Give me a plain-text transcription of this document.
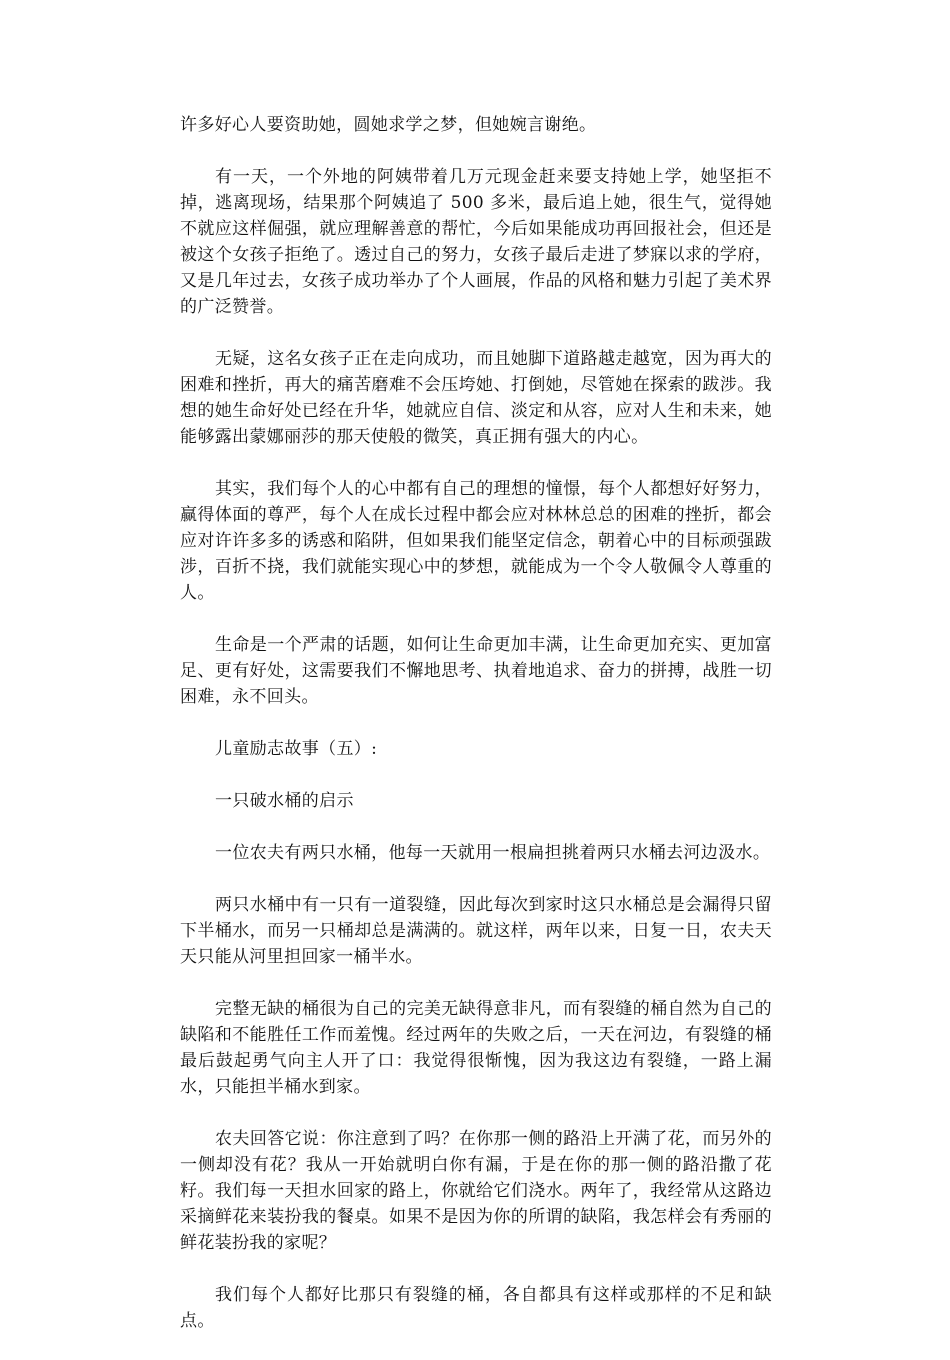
许多好心人要资助她，圆她求学之梦，但她婉言谢绝。

有一天，一个外地的阿姨带着几万元现金赶来要支持她上学，她坚拒不掉，逃离现场，结果那个阿姨追了 500 多米，最后追上她，很生气，觉得她不就应这样倔强，就应理解善意的帮忙，今后如果能成功再回报社会，但还是被这个女孩子拒绝了。透过自己的努力，女孩子最后走进了梦寐以求的学府，又是几年过去，女孩子成功举办了个人画展，作品的风格和魅力引起了美术界的广泛赞誉。

无疑，这名女孩子正在走向成功，而且她脚下道路越走越宽，因为再大的困难和挫折，再大的痛苦磨难不会压垮她、打倒她，尽管她在探索的跋涉。我想的她生命好处已经在升华，她就应自信、淡定和从容，应对人生和未来，她能够露出蒙娜丽莎的那天使般的微笑，真正拥有强大的内心。

其实，我们每个人的心中都有自己的理想的憧憬，每个人都想好好努力，赢得体面的尊严，每个人在成长过程中都会应对林林总总的困难的挫折，都会应对许许多多的诱惑和陷阱，但如果我们能坚定信念，朝着心中的目标顽强跋涉，百折不挠，我们就能实现心中的梦想，就能成为一个令人敬佩令人尊重的人。

生命是一个严肃的话题，如何让生命更加丰满，让生命更加充实、更加富足、更有好处，这需要我们不懈地思考、执着地追求、奋力的拼搏，战胜一切困难，永不回头。

儿童励志故事（五）:

一只破水桶的启示

一位农夫有两只水桶，他每一天就用一根扁担挑着两只水桶去河边汲水。

两只水桶中有一只有一道裂缝，因此每次到家时这只水桶总是会漏得只留下半桶水，而另一只桶却总是满满的。就这样，两年以来，日复一日，农夫天天只能从河里担回家一桶半水。

完整无缺的桶很为自己的完美无缺得意非凡，而有裂缝的桶自然为自己的缺陷和不能胜任工作而羞愧。经过两年的失败之后，一天在河边，有裂缝的桶最后鼓起勇气向主人开了口：我觉得很惭愧，因为我这边有裂缝，一路上漏水，只能担半桶水到家。

农夫回答它说：你注意到了吗？在你那一侧的路沿上开满了花，而另外的一侧却没有花？我从一开始就明白你有漏，于是在你的那一侧的路沿撒了花籽。我们每一天担水回家的路上，你就给它们浇水。两年了，我经常从这路边采摘鲜花来装扮我的餐桌。如果不是因为你的所谓的缺陷，我怎样会有秀丽的鲜花装扮我的家呢？

我们每个人都好比那只有裂缝的桶，各自都具有这样或那样的不足和缺点。
